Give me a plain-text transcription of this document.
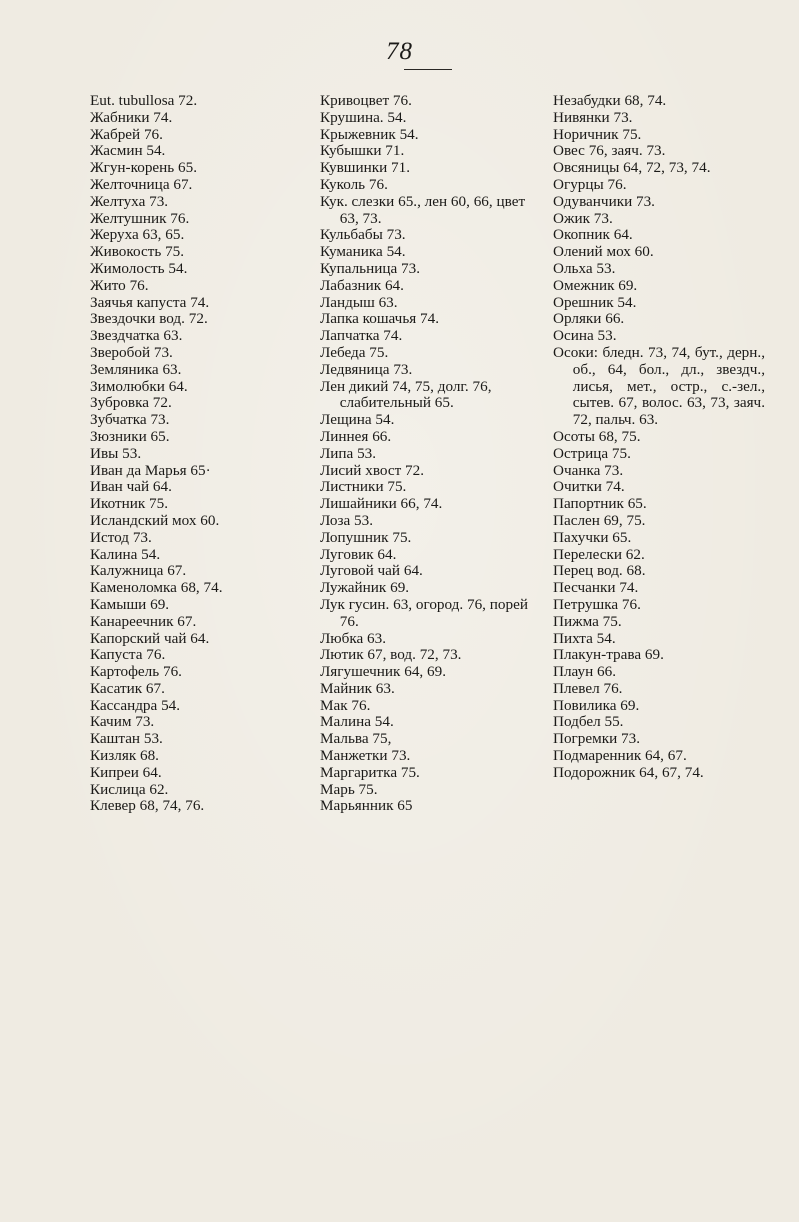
78
Eut. tubullosa 72.
Жабники 74.
Жабрей 76.
Жасмин 54.
Жгун-корень 65.
Желточница 67.
Желтуха 73.
Желтушник 76.
Жеруха 63, 65.
Живокость 75.
Жимолость 54.
Жито 76.
Заячья капуста 74.
Звездочки вод. 72.
Звездчатка 63.
Зверобой 73.
Земляника 63.
Зимолюбки 64.
Зубровка 72.
Зубчатка 73.
Зюзники 65.
Ивы 53.
Иван да Марья 65·
Иван чай 64.
Икотник 75.
Исландский мох 60.
Истод 73.
Калина 54.
Калужница 67.
Каменоломка 68, 74.
Камыши 69.
Канареечник 67.
Капорский чай 64.
Капуста 76.
Картофель 76.
Касатик 67.
Кассандра 54.
Качим 73.
Каштан 53.
Кизляк 68.
Кипреи 64.
Кислица 62.
Клевер 68, 74, 76.
Кривоцвет 76.
Крушина. 54.
Крыжевник 54.
Кубышки 71.
Кувшинки 71.
Куколь 76.
Кук. слезки 65., лен 60, 66, цвет 63, 73.
Кульбабы 73.
Куманика 54.
Купальница 73.
Лабазник 64.
Ландыш 63.
Лапка кошачья 74.
Лапчатка 74.
Лебеда 75.
Ледвяница 73.
Лен дикий 74, 75, долг. 76, слабительный 65.
Лещина 54.
Линнея 66.
Липа 53.
Лисий хвост 72.
Листники 75.
Лишайники 66, 74.
Лоза 53.
Лопушник 75.
Луговик 64.
Луговой чай 64.
Лужайник 69.
Лук гусин. 63, огород. 76, порей 76.
Любка 63.
Лютик 67, вод. 72, 73.
Лягушечник 64, 69.
Майник 63.
Мак 76.
Малина 54.
Мальва 75,
Манжетки 73.
Маргаритка 75.
Марь 75.
Марьянник 65
Незабудки 68, 74.
Нивянки 73.
Норичник 75.
Овес 76, заяч. 73.
Овсяницы 64, 72, 73, 74.
Огурцы 76.
Одуванчики 73.
Ожик 73.
Окопник 64.
Олений мох 60.
Ольха 53.
Омежник 69.
Орешник 54.
Орляки 66.
Осина 53.
Осоки: бледн. 73, 74, бут., дерн., об., 64, бол., дл., звездч., лисья, мет., остр., с.-зел., сытев. 67, волос. 63, 73, заяч. 72, пальч. 63.
Осоты 68, 75.
Острица 75.
Очанка 73.
Очитки 74.
Папортник 65.
Паслен 69, 75.
Пахучки 65.
Перелески 62.
Перец вод. 68.
Песчанки 74.
Петрушка 76.
Пижма 75.
Пихта 54.
Плакун-трава 69.
Плаун 66.
Плевел 76.
Повилика 69.
Подбел 55.
Погремки 73.
Подмаренник 64, 67.
Подорожник 64, 67, 74.
